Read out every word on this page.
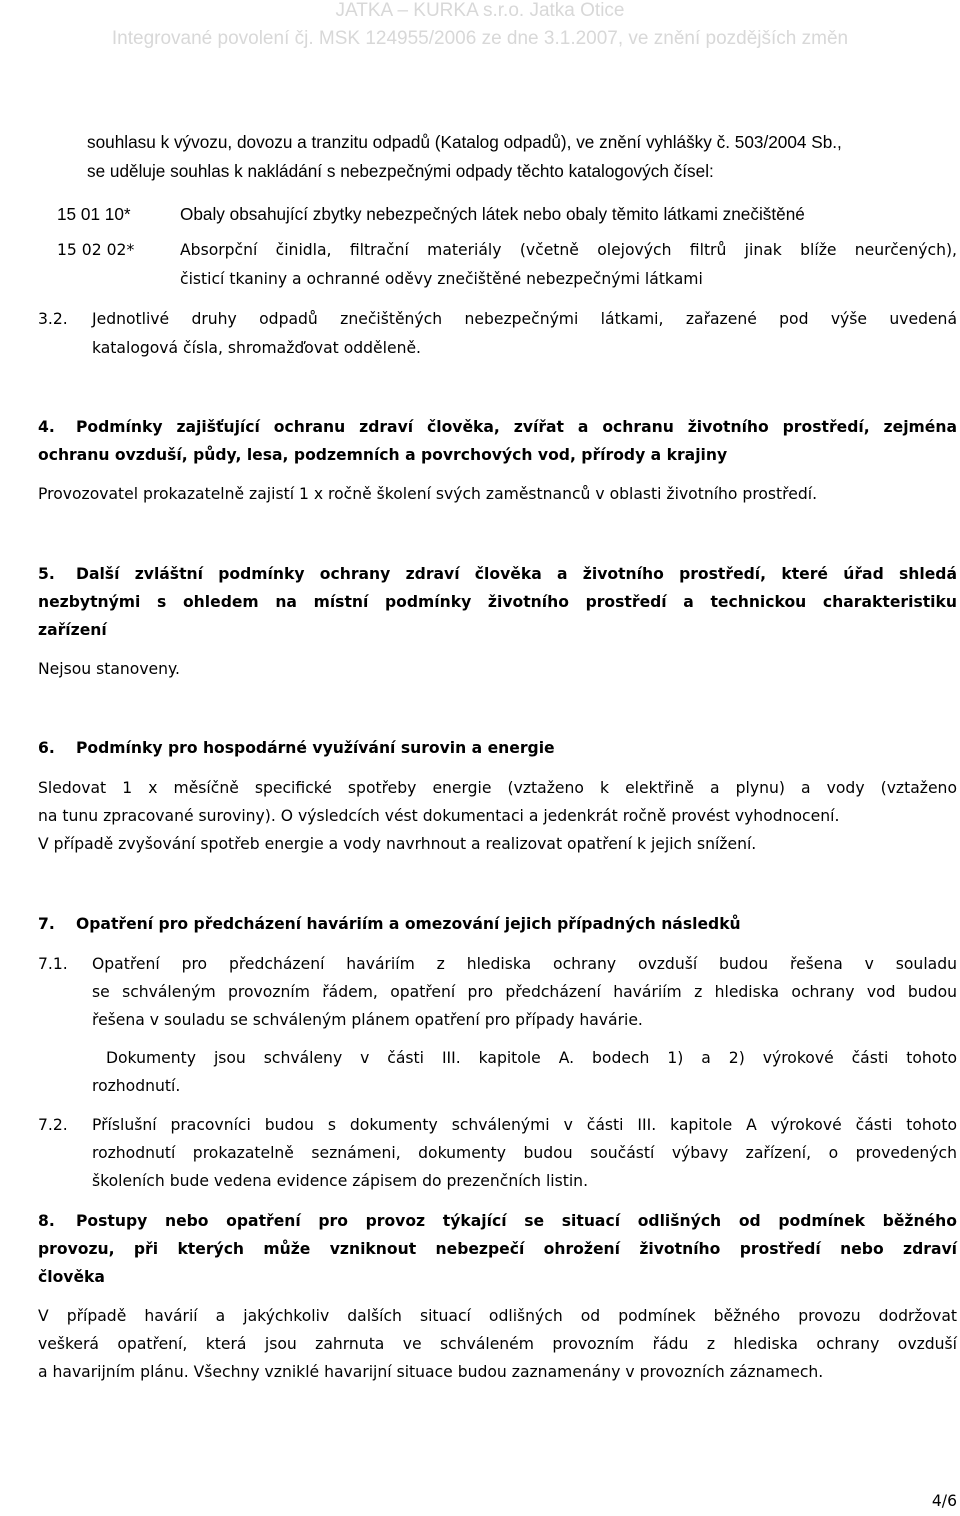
JATKA – KURKA s.r.o. Jatka Otice
Integrované povolení čj. MSK 124955/2006 ze dne 3.1.2007, ve znění pozdějších změn
souhlasu k vývozu, dovozu a tranzitu odpadů (Katalog odpadů), ve znění vyhlášky č. 503/2004 Sb.,
se uděluje souhlas k nakládání s nebezpečnými odpady těchto katalogových čísel:
15 01 10*	Obaly obsahující zbytky nebezpečných látek nebo obaly těmito látkami znečištěné
15 02 02*	Absorpční činidla, filtrační materiály (včetně olejových filtrů jinak blíže neurčených),
čisticí tkaniny a ochranné oděvy znečištěné nebezpečnými látkami
3.2. Jednotlivé druhy odpadů znečištěných nebezpečnými látkami, zařazené pod výše uvedená
katalogová čísla, shromažďovat odděleně.
4.	Podmínky zajišťující ochranu zdraví člověka, zvířat a ochranu životního prostředí, zejména
ochranu ovzduší, půdy, lesa, podzemních a povrchových vod, přírody a krajiny
Provozovatel prokazatelně zajistí 1 x ročně školení svých zaměstnanců v oblasti životního prostředí.
5.	Další zvláštní podmínky ochrany zdraví člověka a životního prostředí, které úřad shledá
nezbytnými s ohledem na místní podmínky životního prostředí a technickou charakteristiku
zařízení
Nejsou stanoveny.
6. Podmínky pro hospodárné využívání surovin a energie
Sledovat 1 x měsíčně specifické spotřeby energie (vztaženo k elektřině a plynu) a vody (vztaženo
na tunu zpracované suroviny). O výsledcích vést dokumentaci a jedenkrát ročně provést vyhodnocení.
V případě zvyšování spotřeb energie a vody navrhnout a realizovat opatření k jejich snížení.
7. Opatření pro předcházení haváriím a omezování jejich případných následků
7.1. Opatření pro předcházení haváriím z hlediska ochrany ovzduší budou řešena v souladu
se schváleným provozním řádem, opatření pro předcházení haváriím z hlediska ochrany vod budou
řešena v souladu se schváleným plánem opatření pro případy havárie.
Dokumenty jsou schváleny v části III. kapitole A. bodech 1) a 2) výrokové části tohoto
rozhodnutí.
7.2. Příslušní pracovníci budou s dokumenty schválenými v části III. kapitole A výrokové části tohoto
rozhodnutí prokazatelně seznámeni, dokumenty budou součástí výbavy zařízení, o provedených
školeních bude vedena evidence zápisem do prezenčních listin.
8.	Postupy nebo opatření pro provoz týkající se situací odlišných od podmínek běžného
provozu, při kterých může vzniknout nebezpečí ohrožení životního prostředí nebo zdraví
člověka
V případě havárií a jakýchkoliv dalších situací odlišných od podmínek běžného provozu dodržovat
veškerá opatření, která jsou zahrnuta ve schváleném provozním řádu z hlediska ochrany ovzduší
a havarijním plánu. Všechny vzniklé havarijní situace budou zaznamenány v provozních záznamech.
4/6
